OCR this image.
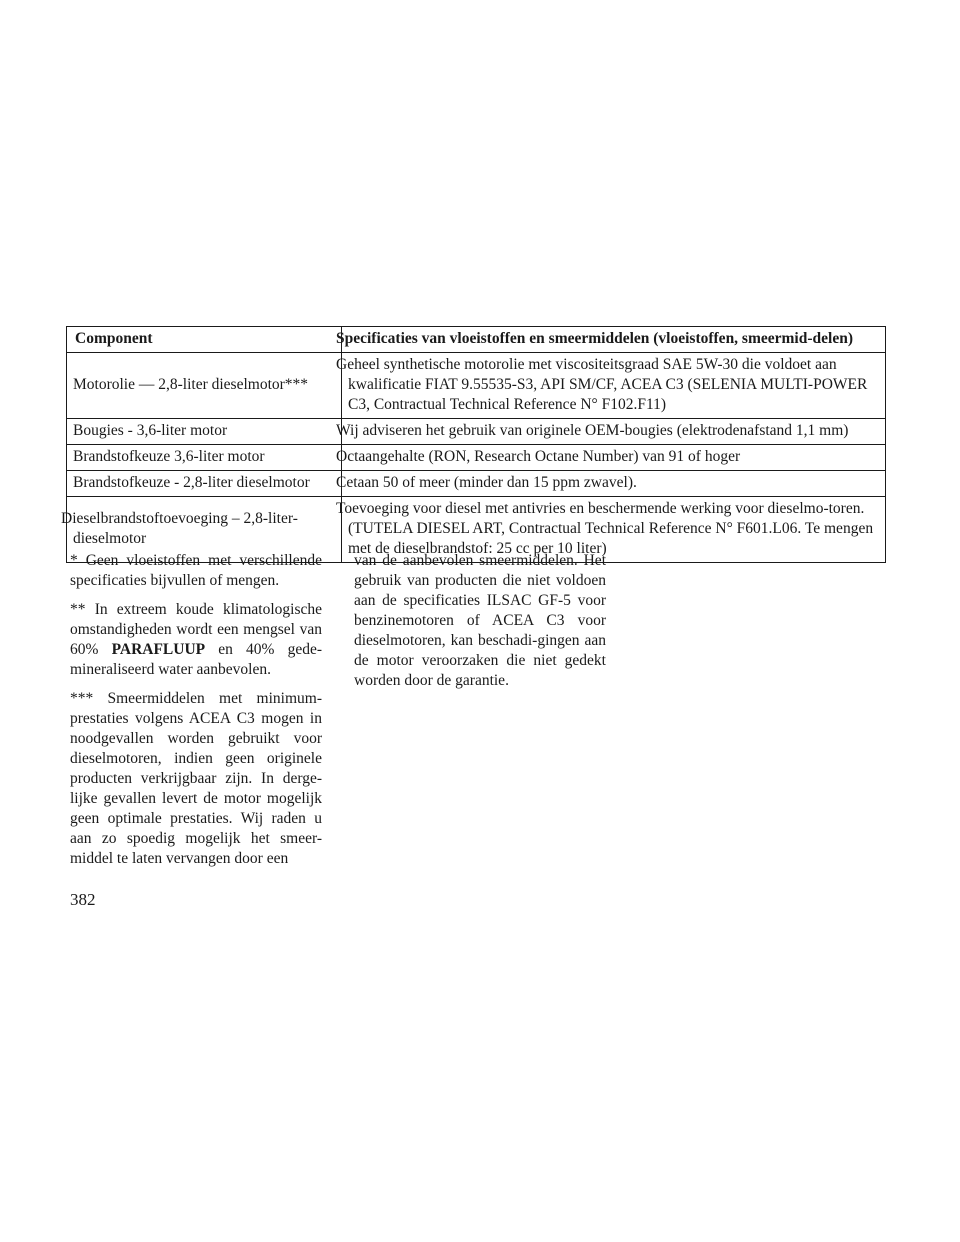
Component	Specificaties van vloeistoffen en smeermiddelen (vloeistoffen, smeermid-delen)
Motorolie — 2,8-liter dieselmotor***	Geheel synthetische motorolie met viscositeitsgraad SAE 5W-30 die voldoet aan kwalificatie FIAT 9.55535-S3, API SM/CF, ACEA C3 (SELENIA MULTI-POWER C3, Contractual Technical Reference N° F102.F11)
Bougies - 3,6-liter motor	Wij adviseren het gebruik van originele OEM-bougies (elektrodenafstand 1,1 mm)
Brandstofkeuze 3,6-liter motor	Octaangehalte (RON, Research Octane Number) van 91 of hoger
Brandstofkeuze - 2,8-liter dieselmotor	Cetaan 50 of meer (minder dan 15 ppm zwavel).
Dieselbrandstoftoevoeging – 2,8-liter-dieselmotor	Toevoeging voor diesel met antivries en beschermende werking voor dieselmo-toren. (TUTELA DIESEL ART, Contractual Technical Reference N° F601.L06. Te mengen met de dieselbrandstof: 25 cc per 10 liter)

* Geen vloeistoffen met verschillende specificaties bijvullen of mengen.

** In extreem koude klimatologische omstandigheden wordt een mengsel van 60% PARAFLUUP en 40% gede-mineraliseerd water aanbevolen.

*** Smeermiddelen met minimum-prestaties volgens ACEA C3 mogen in noodgevallen worden gebruikt voor dieselmotoren, indien geen originele producten verkrijgbaar zijn. In derge-lijke gevallen levert de motor mogelijk geen optimale prestaties. Wij raden u aan zo spoedig mogelijk het smeer-middel te laten vervangen door een

van de aanbevolen smeermiddelen. Het gebruik van producten die niet voldoen aan de specificaties ILSAC GF-5 voor benzinemotoren of ACEA C3 voor dieselmotoren, kan beschadi-gingen aan de motor veroorzaken die niet gedekt worden door de garantie.

382
